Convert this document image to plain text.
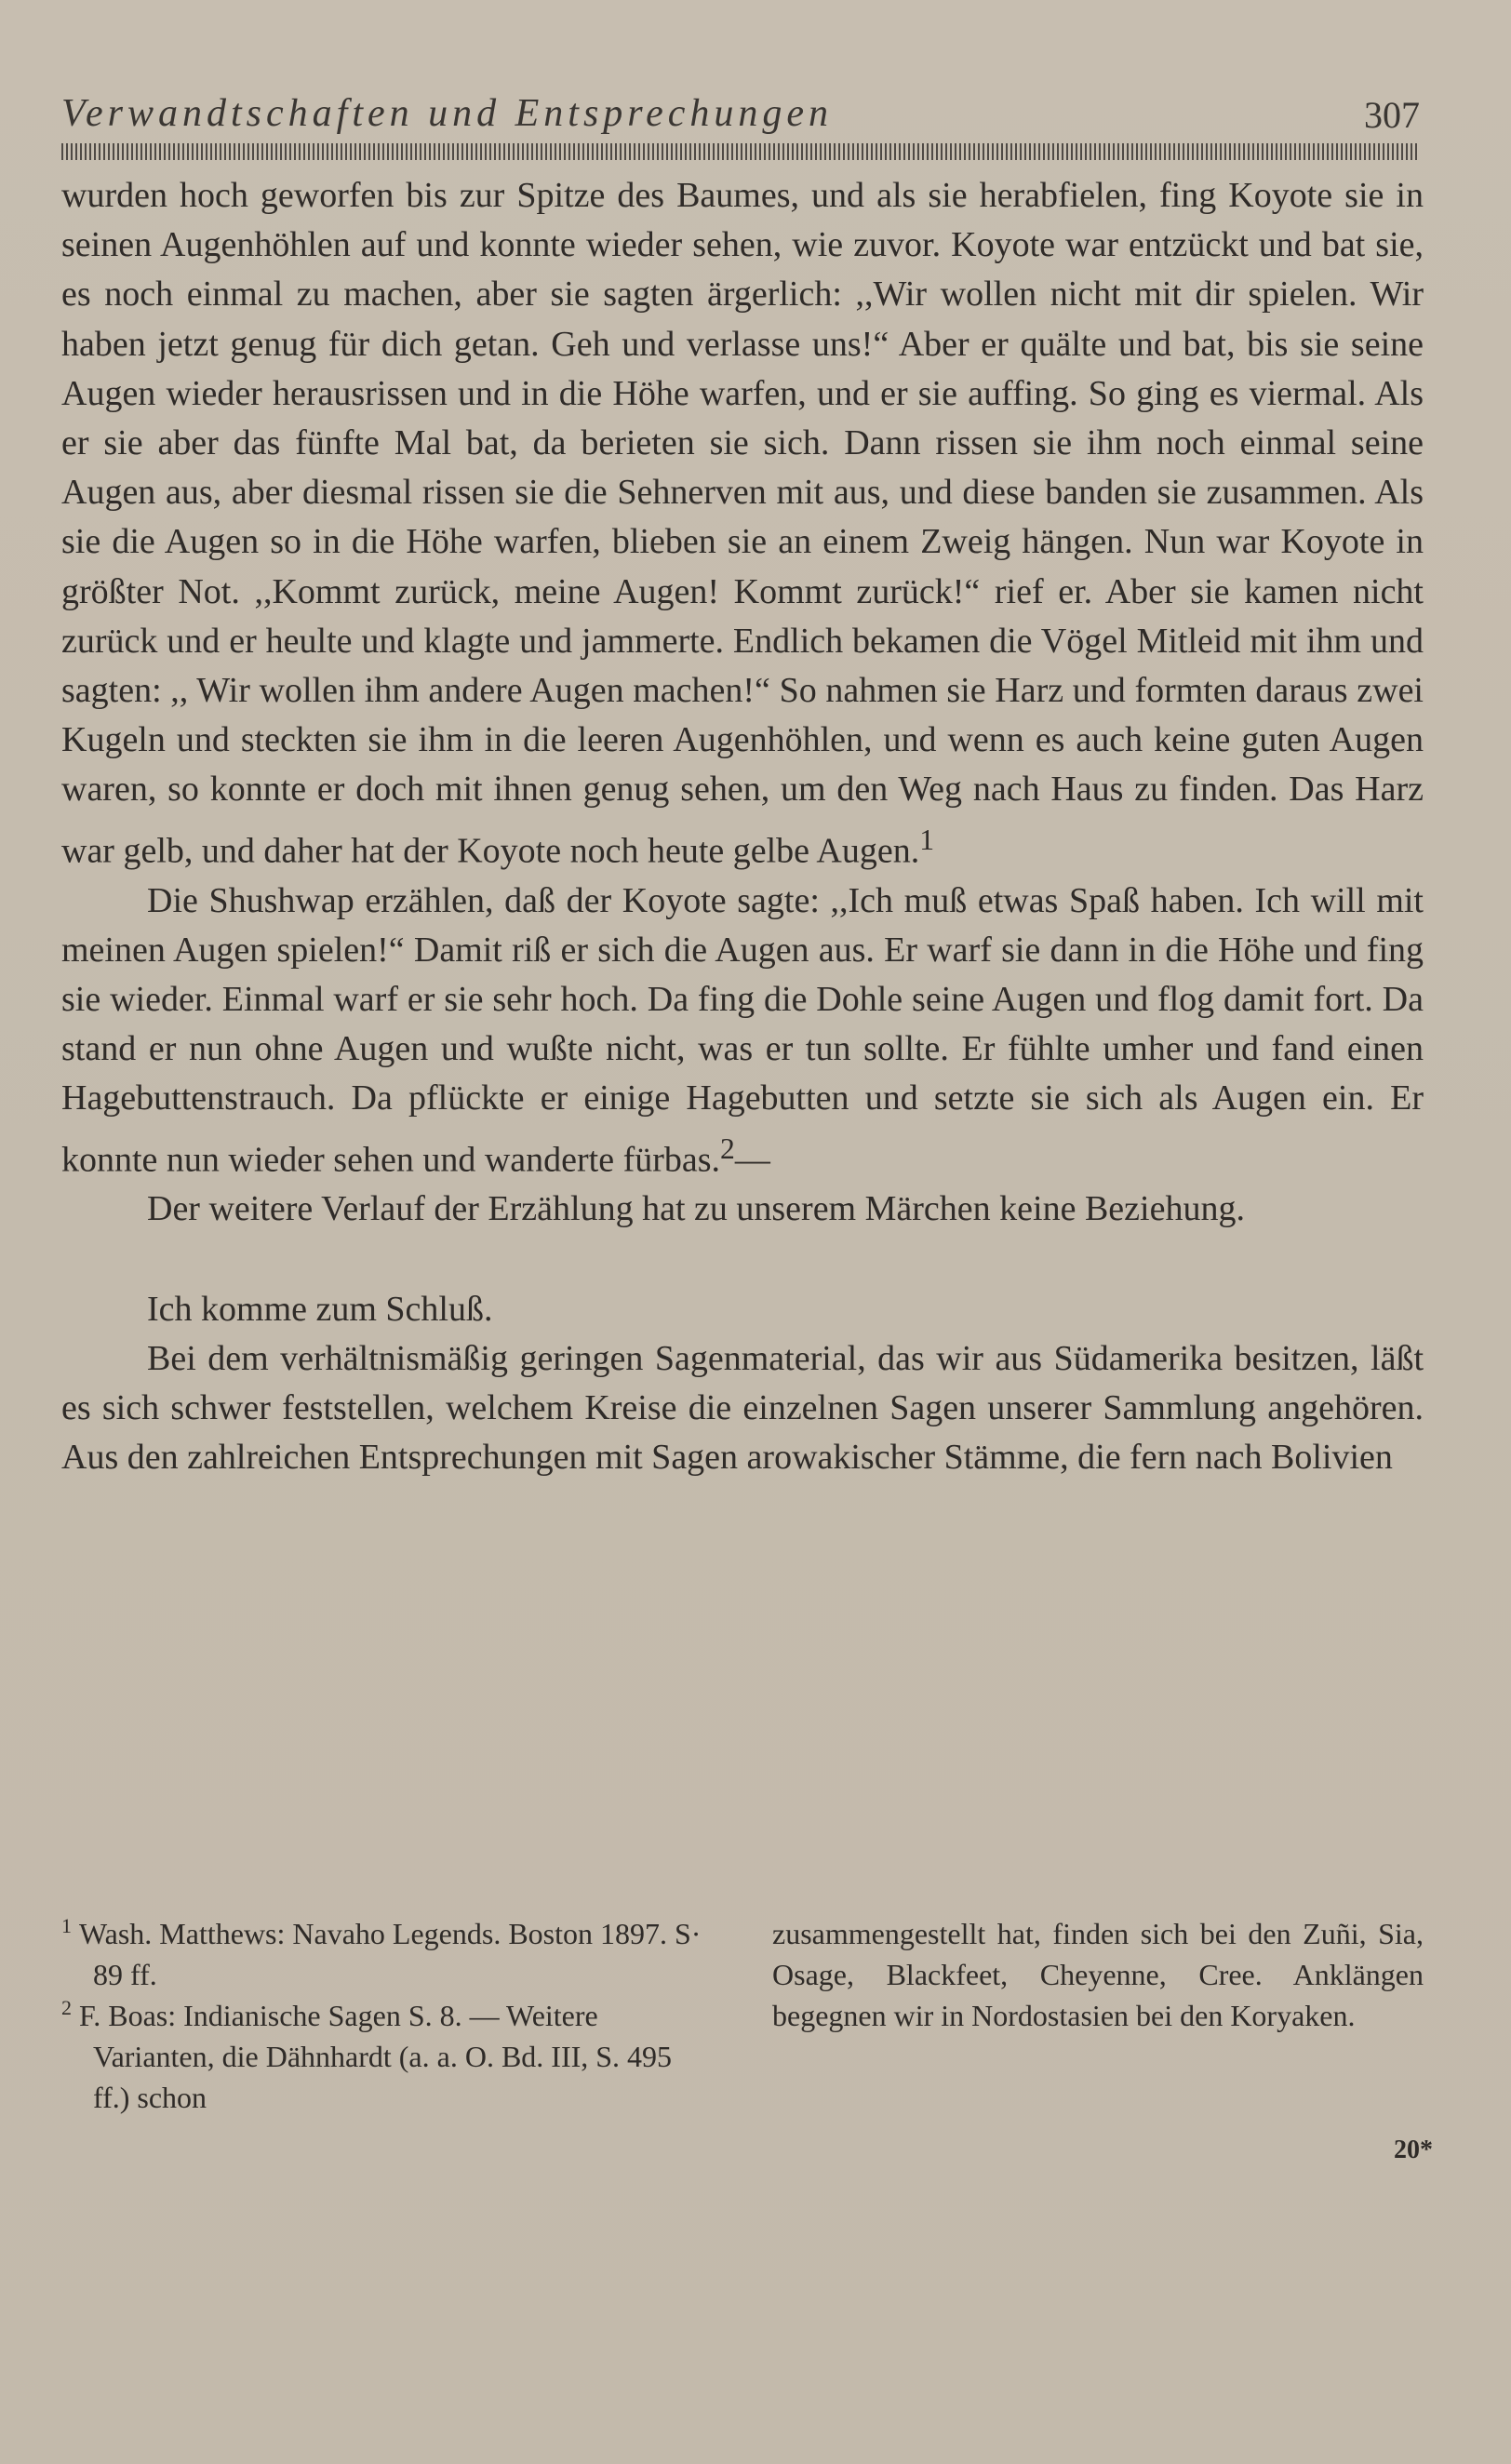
Verwandtschaften und Entsprechungen	307

wurden hoch geworfen bis zur Spitze des Baumes, und als sie herabfielen, fing Koyote sie in seinen Augenhöhlen auf und konnte wieder sehen, wie zuvor. Koyote war entzückt und bat sie, es noch einmal zu machen, aber sie sagten ärgerlich: ,,Wir wollen nicht mit dir spielen. Wir haben jetzt genug für dich getan. Geh und verlasse uns!“ Aber er quälte und bat, bis sie seine Augen wieder herausrissen und in die Höhe warfen, und er sie auffing. So ging es viermal. Als er sie aber das fünfte Mal bat, da berieten sie sich. Dann rissen sie ihm noch einmal seine Augen aus, aber diesmal rissen sie die Sehnerven mit aus, und diese banden sie zusammen. Als sie die Augen so in die Höhe warfen, blieben sie an einem Zweig hängen. Nun war Koyote in größter Not. ,,Kommt zurück, meine Augen! Kommt zurück!“ rief er. Aber sie kamen nicht zurück und er heulte und klagte und jammerte. Endlich bekamen die Vögel Mitleid mit ihm und sagten: ,, Wir wollen ihm andere Augen machen!“ So nahmen sie Harz und formten daraus zwei Kugeln und steckten sie ihm in die leeren Augenhöhlen, und wenn es auch keine guten Augen waren, so konnte er doch mit ihnen genug sehen, um den Weg nach Haus zu finden. Das Harz war gelb, und daher hat der Koyote noch heute gelbe Augen.$^1$

Die Shushwap erzählen, daß der Koyote sagte: ,,Ich muß etwas Spaß haben. Ich will mit meinen Augen spielen!“ Damit riß er sich die Augen aus. Er warf sie dann in die Höhe und fing sie wieder. Einmal warf er sie sehr hoch. Da fing die Dohle seine Augen und flog damit fort. Da stand er nun ohne Augen und wußte nicht, was er tun sollte. Er fühlte umher und fand einen Hagebuttenstrauch. Da pflückte er einige Hagebutten und setzte sie sich als Augen ein. Er konnte nun wieder sehen und wanderte fürbas.$^2$—

Der weitere Verlauf der Erzählung hat zu unserem Märchen keine Beziehung.

Ich komme zum Schluß.

Bei dem verhältnismäßig geringen Sagenmaterial, das wir aus Südamerika besitzen, läßt es sich schwer feststellen, welchem Kreise die einzelnen Sagen unserer Sammlung angehören. Aus den zahlreichen Entsprechungen mit Sagen arowakischer Stämme, die fern nach Bolivien

$^1$ Wash. Matthews: Navaho Legends. Boston 1897. S· 89 ff.

$^2$ F. Boas: Indianische Sagen S. 8. — Weitere Varianten, die Dähnhardt (a. a. O. Bd. III, S. 495 ff.) schon

zusammengestellt hat, finden sich bei den Zuñi, Sia, Osage, Blackfeet, Cheyenne, Cree. Anklängen begegnen wir in Nordostasien bei den Koryaken.

20*
